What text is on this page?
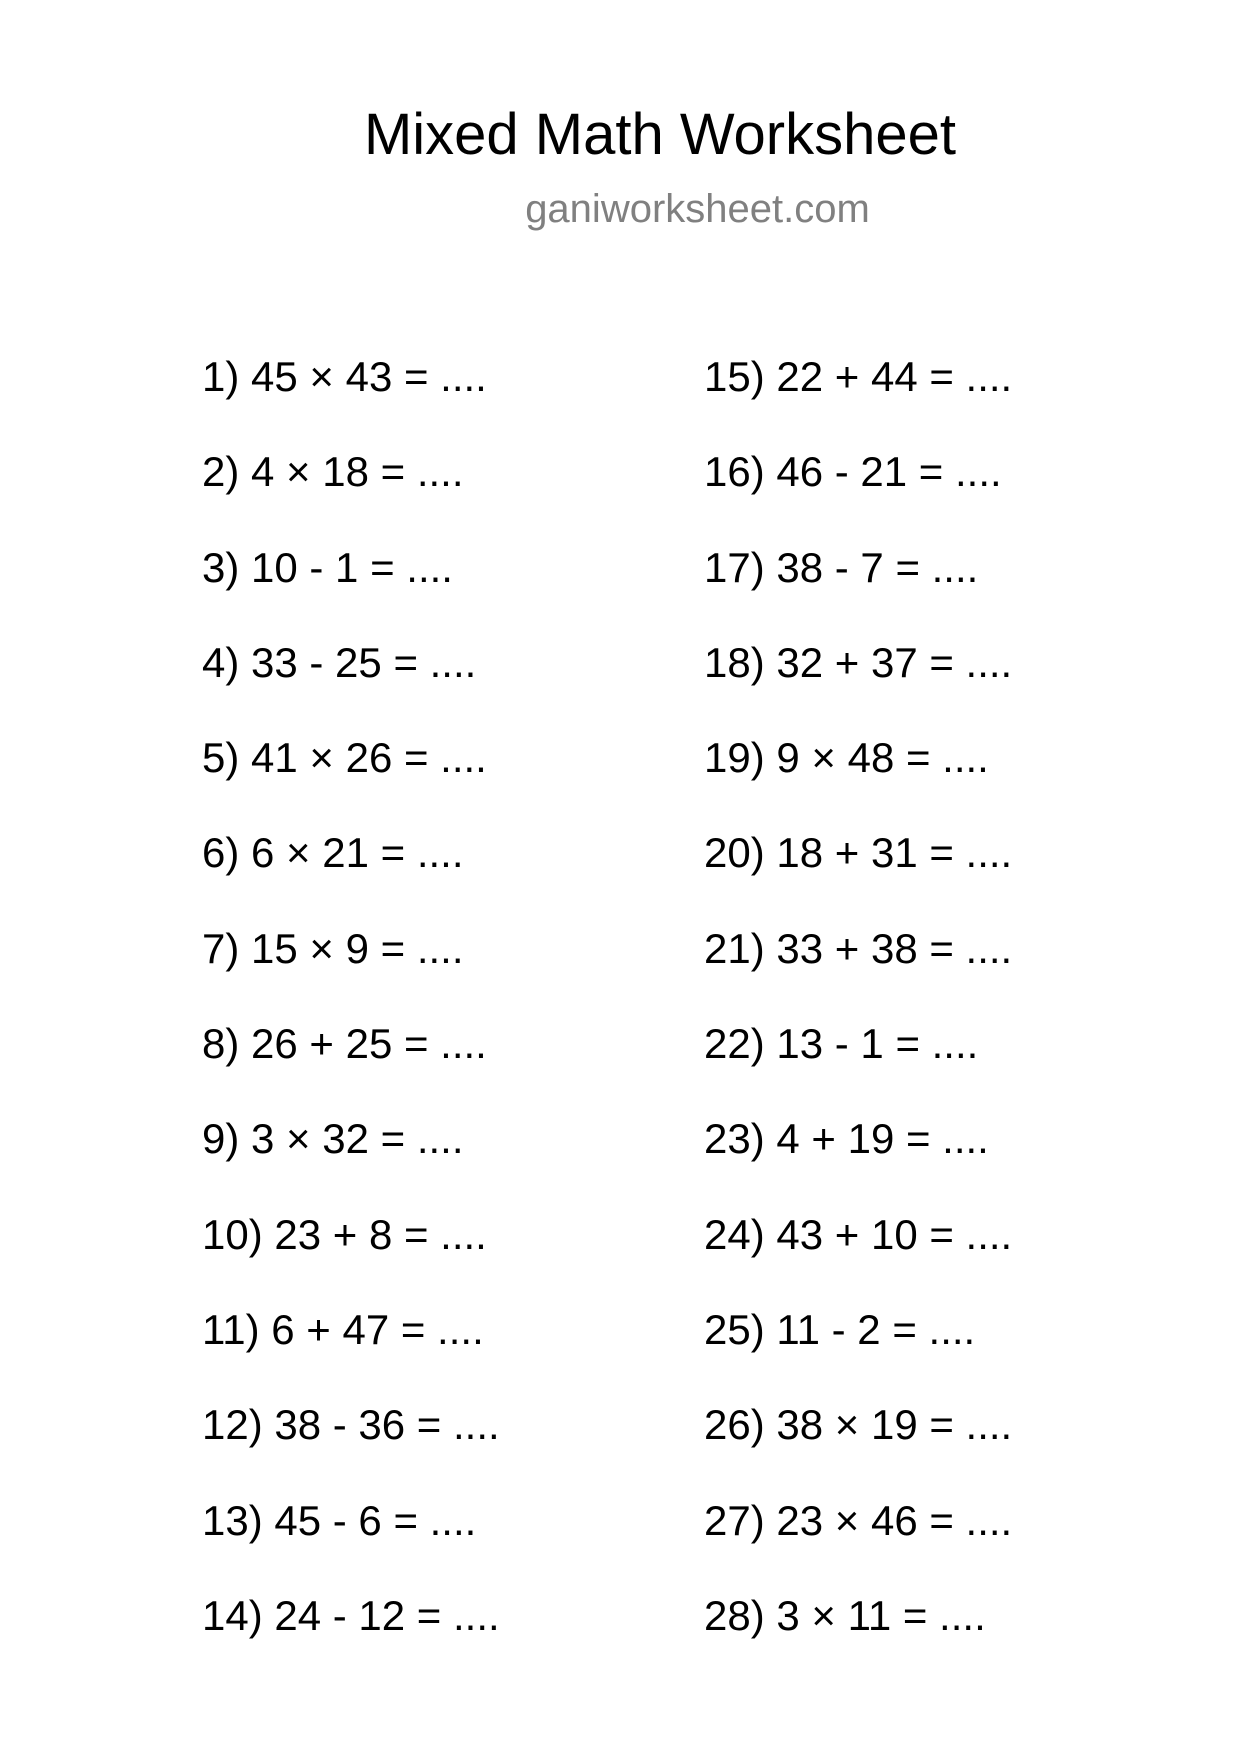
Mixed Math Worksheet
ganiworksheet.com
1) 45 × 43 = ....
2) 4 × 18 = ....
3) 10 - 1 = ....
4) 33 - 25 = ....
5) 41 × 26 = ....
6) 6 × 21 = ....
7) 15 × 9 = ....
8) 26 + 25 = ....
9) 3 × 32 = ....
10) 23 + 8 = ....
11) 6 + 47 = ....
12) 38 - 36 = ....
13) 45 - 6 = ....
14) 24 - 12 = ....
15) 22 + 44 = ....
16) 46 - 21 = ....
17) 38 - 7 = ....
18) 32 + 37 = ....
19) 9 × 48 = ....
20) 18 + 31 = ....
21) 33 + 38 = ....
22) 13 - 1 = ....
23) 4 + 19 = ....
24) 43 + 10 = ....
25) 11 - 2 = ....
26) 38 × 19 = ....
27) 23 × 46 = ....
28) 3 × 11 = ....
